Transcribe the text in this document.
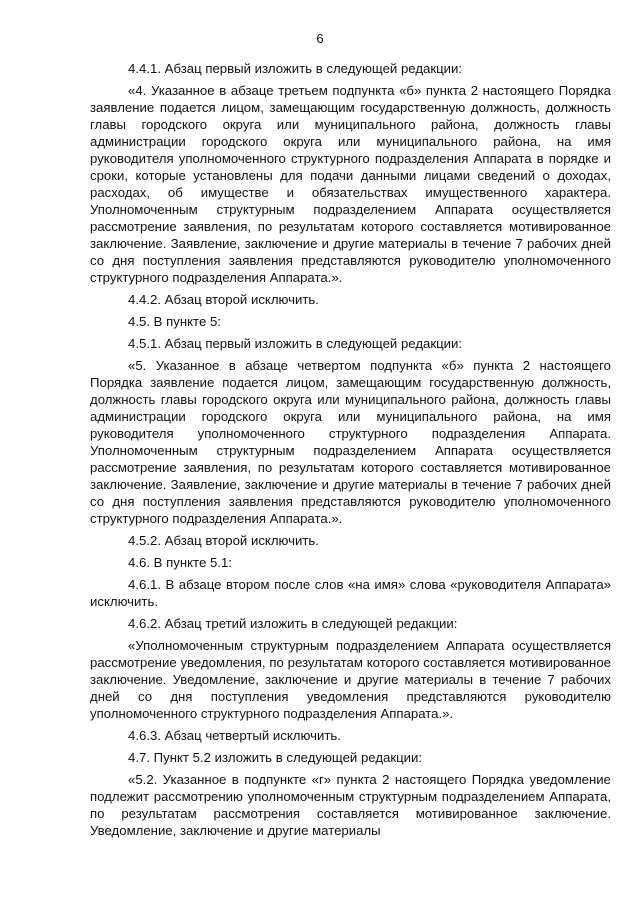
6

4.4.1. Абзац первый изложить в следующей редакции:

«4. Указанное в абзаце третьем подпункта «б» пункта 2 настоящего Порядка заявление подается лицом, замещающим государственную должность, должность главы городского округа или муниципального района, должность главы администрации городского округа или муниципального района, на имя руководителя уполномоченного структурного подразделения Аппарата в порядке и сроки, которые установлены для подачи данными лицами сведений о доходах, расходах, об имуществе и обязательствах имущественного характера. Уполномоченным структурным подразделением Аппарата осуществляется рассмотрение заявления, по результатам которого составляется мотивированное заключение. Заявление, заключение и другие материалы в течение 7 рабочих дней со дня поступления заявления представляются руководителю уполномоченного структурного подразделения Аппарата.».

4.4.2. Абзац второй исключить.

4.5. В пункте 5:

4.5.1. Абзац первый изложить в следующей редакции:

«5. Указанное в абзаце четвертом подпункта «б» пункта 2 настоящего Порядка заявление подается лицом, замещающим государственную должность, должность главы городского округа или муниципального района, должность главы администрации городского округа или муниципального района, на имя руководителя уполномоченного структурного подразделения Аппарата. Уполномоченным структурным подразделением Аппарата осуществляется рассмотрение заявления, по результатам которого составляется мотивированное заключение. Заявление, заключение и другие материалы в течение 7 рабочих дней со дня поступления заявления представляются руководителю уполномоченного структурного подразделения Аппарата.».

4.5.2. Абзац второй исключить.

4.6. В пункте 5.1:

4.6.1. В абзаце втором после слов «на имя» слова «руководителя Аппарата» исключить.

4.6.2. Абзац третий изложить в следующей редакции:

«Уполномоченным структурным подразделением Аппарата осуществляется рассмотрение уведомления, по результатам которого составляется мотивированное заключение. Уведомление, заключение и другие материалы в течение 7 рабочих дней со дня поступления уведомления представляются руководителю уполномоченного структурного подразделения Аппарата.».

4.6.3. Абзац четвертый исключить.

4.7. Пункт 5.2 изложить в следующей редакции:

«5.2. Указанное в подпункте «г» пункта 2 настоящего Порядка уведомление подлежит рассмотрению уполномоченным структурным подразделением Аппарата, по результатам рассмотрения составляется мотивированное заключение. Уведомление, заключение и другие материалы
